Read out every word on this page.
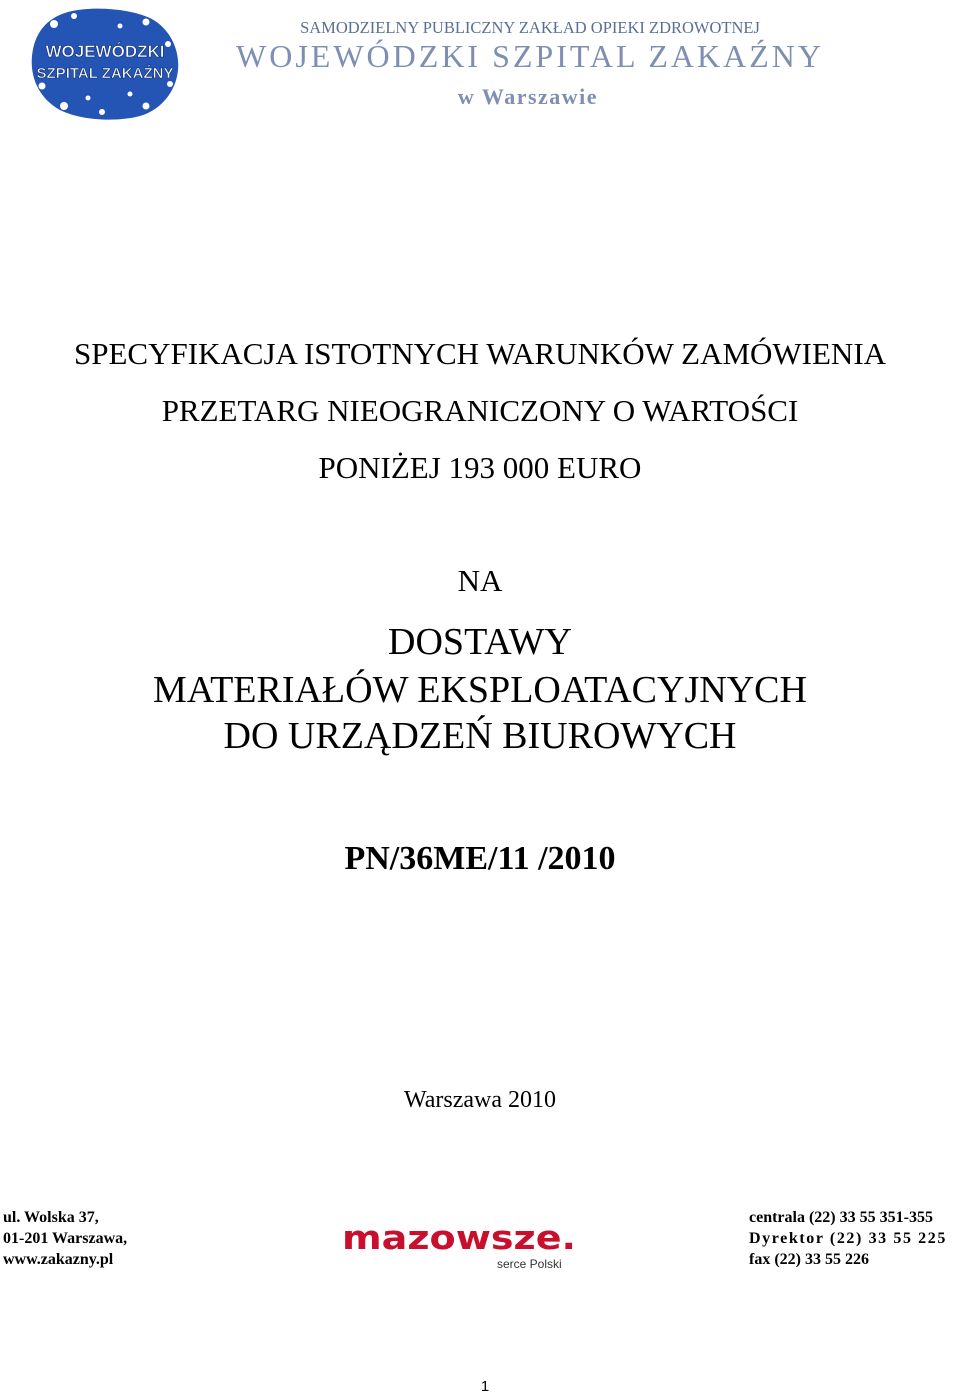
WOJEWÓDZKI
SZPITAL ZAKAŹNY
SAMODZIELNY PUBLICZNY ZAKŁAD OPIEKI ZDROWOTNEJ
WOJEWÓDZKI SZPITAL ZAKAŹNY
w Warszawie
SPECYFIKACJA ISTOTNYCH WARUNKÓW ZAMÓWIENIA
PRZETARG NIEOGRANICZONY O WARTOŚCI
PONIŻEJ 193 000 EURO
NA
DOSTAWY
MATERIAŁÓW EKSPLOATACYJNYCH
DO URZĄDZEŃ BIUROWYCH
PN/36ME/11 /2010
Warszawa 2010
ul. Wolska 37,
01-201 Warszawa,
www.zakazny.pl
mazowsze.
serce Polski
centrala (22) 33 55 351-355
Dyrektor (22) 33 55 225
fax (22) 33 55 226
1
